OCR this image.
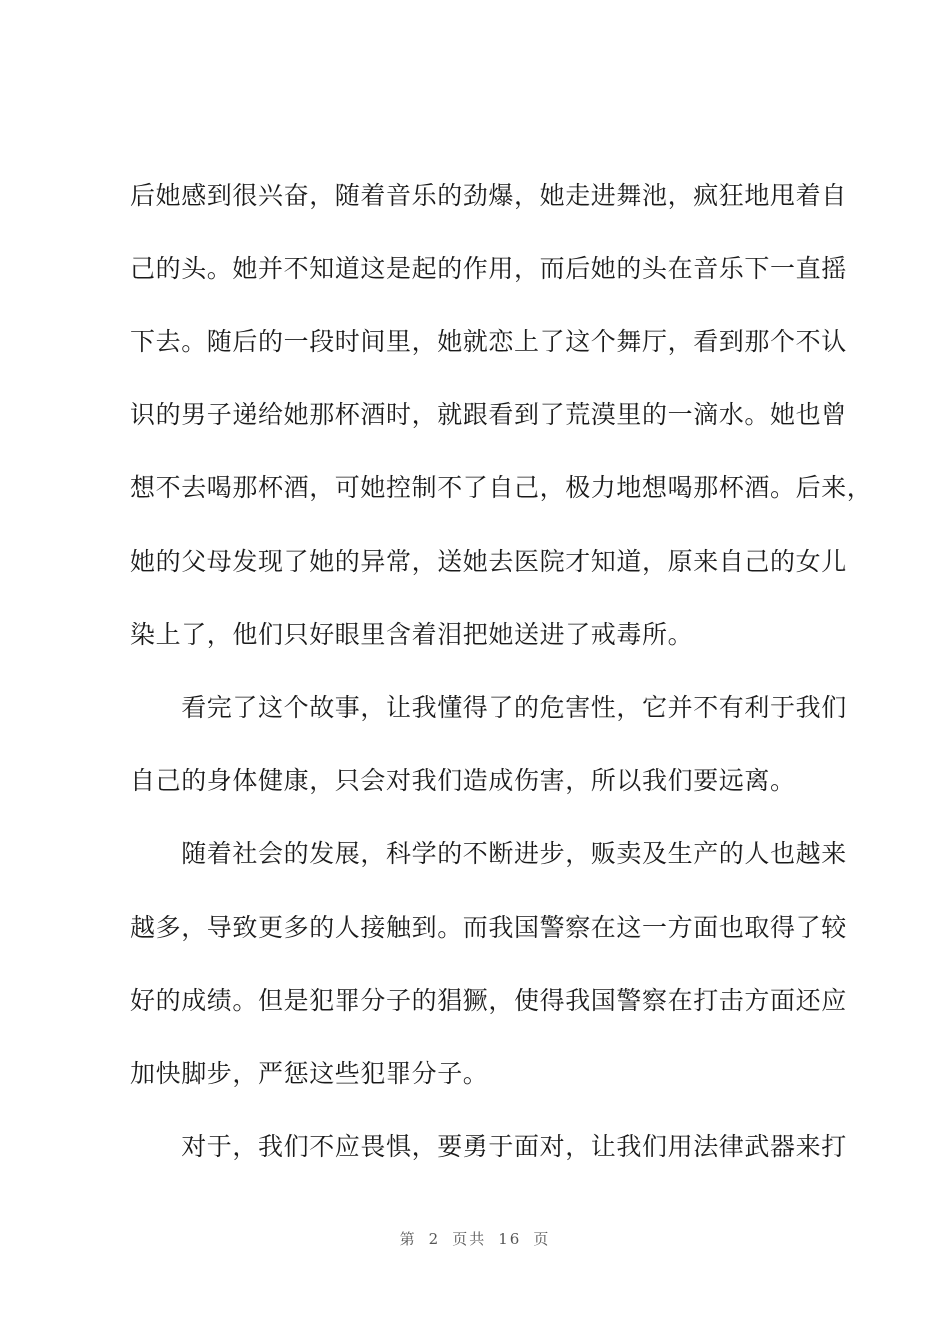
后她感到很兴奋，随着音乐的劲爆，她走进舞池，疯狂地甩着自
己的头。她并不知道这是起的作用，而后她的头在音乐下一直摇
下去。随后的一段时间里，她就恋上了这个舞厅，看到那个不认
识的男子递给她那杯酒时，就跟看到了荒漠里的一滴水。她也曾
想不去喝那杯酒，可她控制不了自己，极力地想喝那杯酒。后来，
她的父母发现了她的异常，送她去医院才知道，原来自己的女儿
染上了，他们只好眼里含着泪把她送进了戒毒所。
　　看完了这个故事，让我懂得了的危害性，它并不有利于我们
自己的身体健康，只会对我们造成伤害，所以我们要远离。
　　随着社会的发展，科学的不断进步，贩卖及生产的人也越来
越多，导致更多的人接触到。而我国警察在这一方面也取得了较
好的成绩。但是犯罪分子的猖獗，使得我国警察在打击方面还应
加快脚步，严惩这些犯罪分子。
　　对于，我们不应畏惧，要勇于面对，让我们用法律武器来打
第 2 页共 16 页
